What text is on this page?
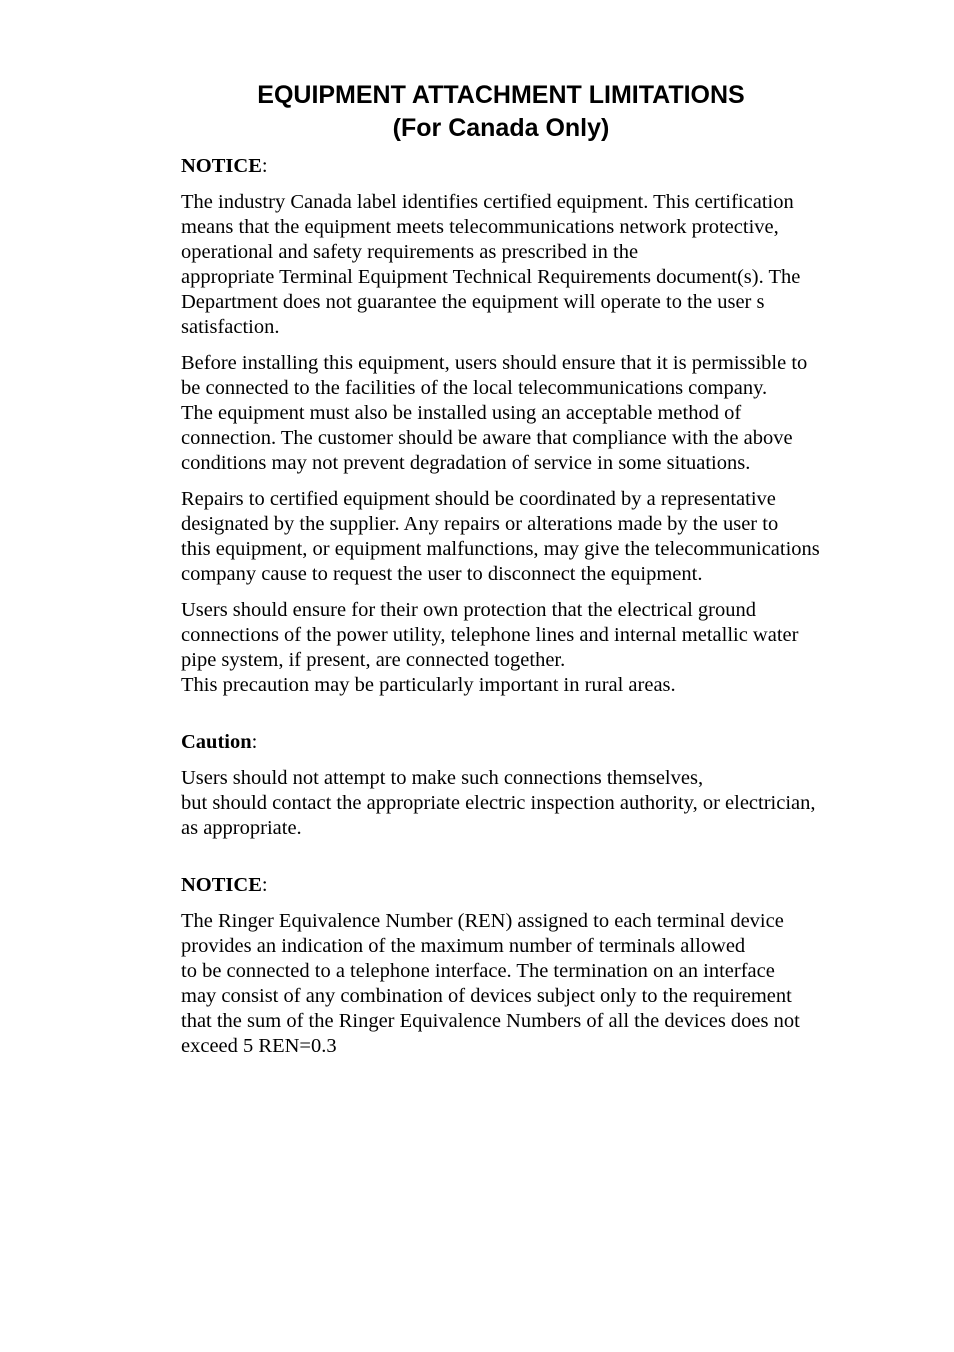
EQUIPMENT ATTACHMENT LIMITATIONS
(For Canada Only)
NOTICE:

The industry Canada label identifies certified equipment. This certification
means that the equipment meets telecommunications network protective,
operational and safety requirements as prescribed in the
appropriate Terminal Equipment Technical Requirements document(s). The
Department does not guarantee the equipment will operate to the user s
satisfaction.

Before installing this equipment, users should ensure that it is permissible to
be connected to the facilities of the local telecommunications company.
The equipment must also be installed using an acceptable method of
connection. The customer should be aware that compliance with the above
conditions may not prevent degradation of service in some situations.

Repairs to certified equipment should be coordinated by a representative
designated by the supplier. Any repairs or alterations made by the user to
this equipment, or equipment malfunctions, may give the telecommunications
company cause to request the user to disconnect the equipment.

Users should ensure for their own protection that the electrical ground
connections of the power utility, telephone lines and internal metallic water
pipe system, if present, are connected together.
This precaution may be particularly important in rural areas.

Caution:

Users should not attempt to make such connections themselves,
but should contact the appropriate electric inspection authority, or electrician,
as appropriate.

NOTICE:

The Ringer Equivalence Number (REN) assigned to each terminal device
provides an indication of the maximum number of terminals allowed
to be connected to a telephone interface. The termination on an interface
may consist of any combination of devices subject only to the requirement
that the sum of the Ringer Equivalence Numbers of all the devices does not
exceed 5 REN=0.3
